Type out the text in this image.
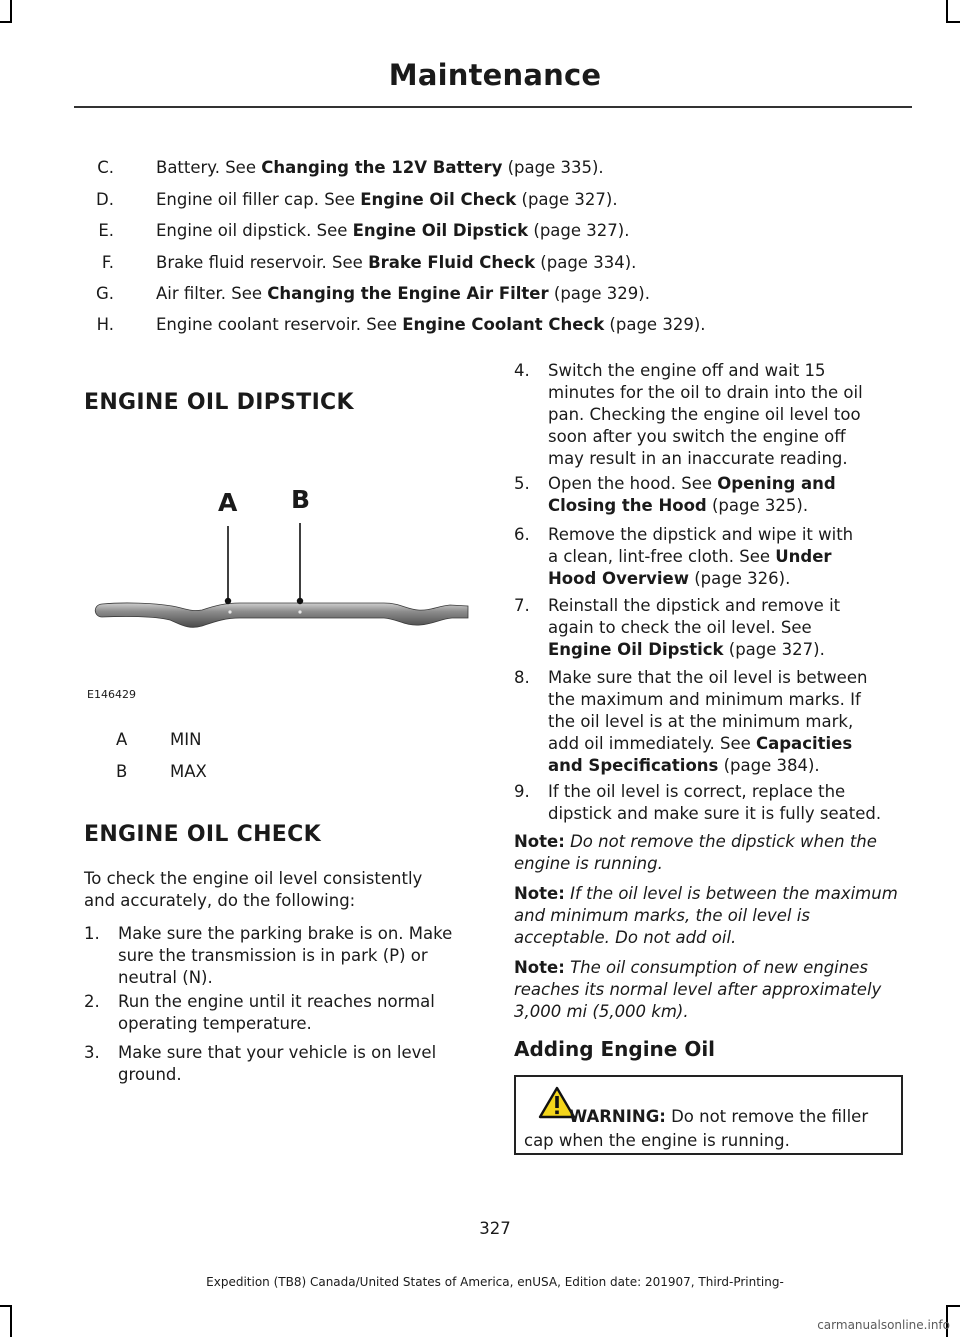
Maintenance
C.	Battery. See Changing the 12V Battery (page 335).
D.	Engine oil filler cap. See Engine Oil Check (page 327).
E.	Engine oil dipstick. See Engine Oil Dipstick (page 327).
F.	Brake fluid reservoir. See Brake Fluid Check (page 334).
G.	Air filter. See Changing the Engine Air Filter (page 329).
H.	Engine coolant reservoir. See Engine Coolant Check (page 329).
ENGINE OIL DIPSTICK
A B
E146429
A	MIN
B	MAX
ENGINE OIL CHECK
To check the engine oil level consistently
and accurately, do the following:
1. Make sure the parking brake is on. Make
sure the transmission is in park (P) or
neutral (N).
2. Run the engine until it reaches normal
operating temperature.
3. Make sure that your vehicle is on level
ground.
4. Switch the engine off and wait 15
minutes for the oil to drain into the oil
pan. Checking the engine oil level too
soon after you switch the engine off
may result in an inaccurate reading.
5. Open the hood. See Opening and
Closing the Hood (page 325).
6. Remove the dipstick and wipe it with
a clean, lint-free cloth. See Under
Hood Overview (page 326).
7. Reinstall the dipstick and remove it
again to check the oil level. See
Engine Oil Dipstick (page 327).
8. Make sure that the oil level is between
the maximum and minimum marks. If
the oil level is at the minimum mark,
add oil immediately. See Capacities
and Specifications (page 384).
9. If the oil level is correct, replace the
dipstick and make sure it is fully seated.
Note: Do not remove the dipstick when the engine is running.
Note: If the oil level is between the maximum and minimum marks, the oil level is acceptable. Do not add oil.
Note: The oil consumption of new engines reaches its normal level after approximately 3,000 mi (5,000 km).
Adding Engine Oil
WARNING: Do not remove the filler
cap when the engine is running.
327
Expedition (TB8) Canada/United States of America, enUSA, Edition date: 201907, Third-Printing-
carmanualsonline.info
